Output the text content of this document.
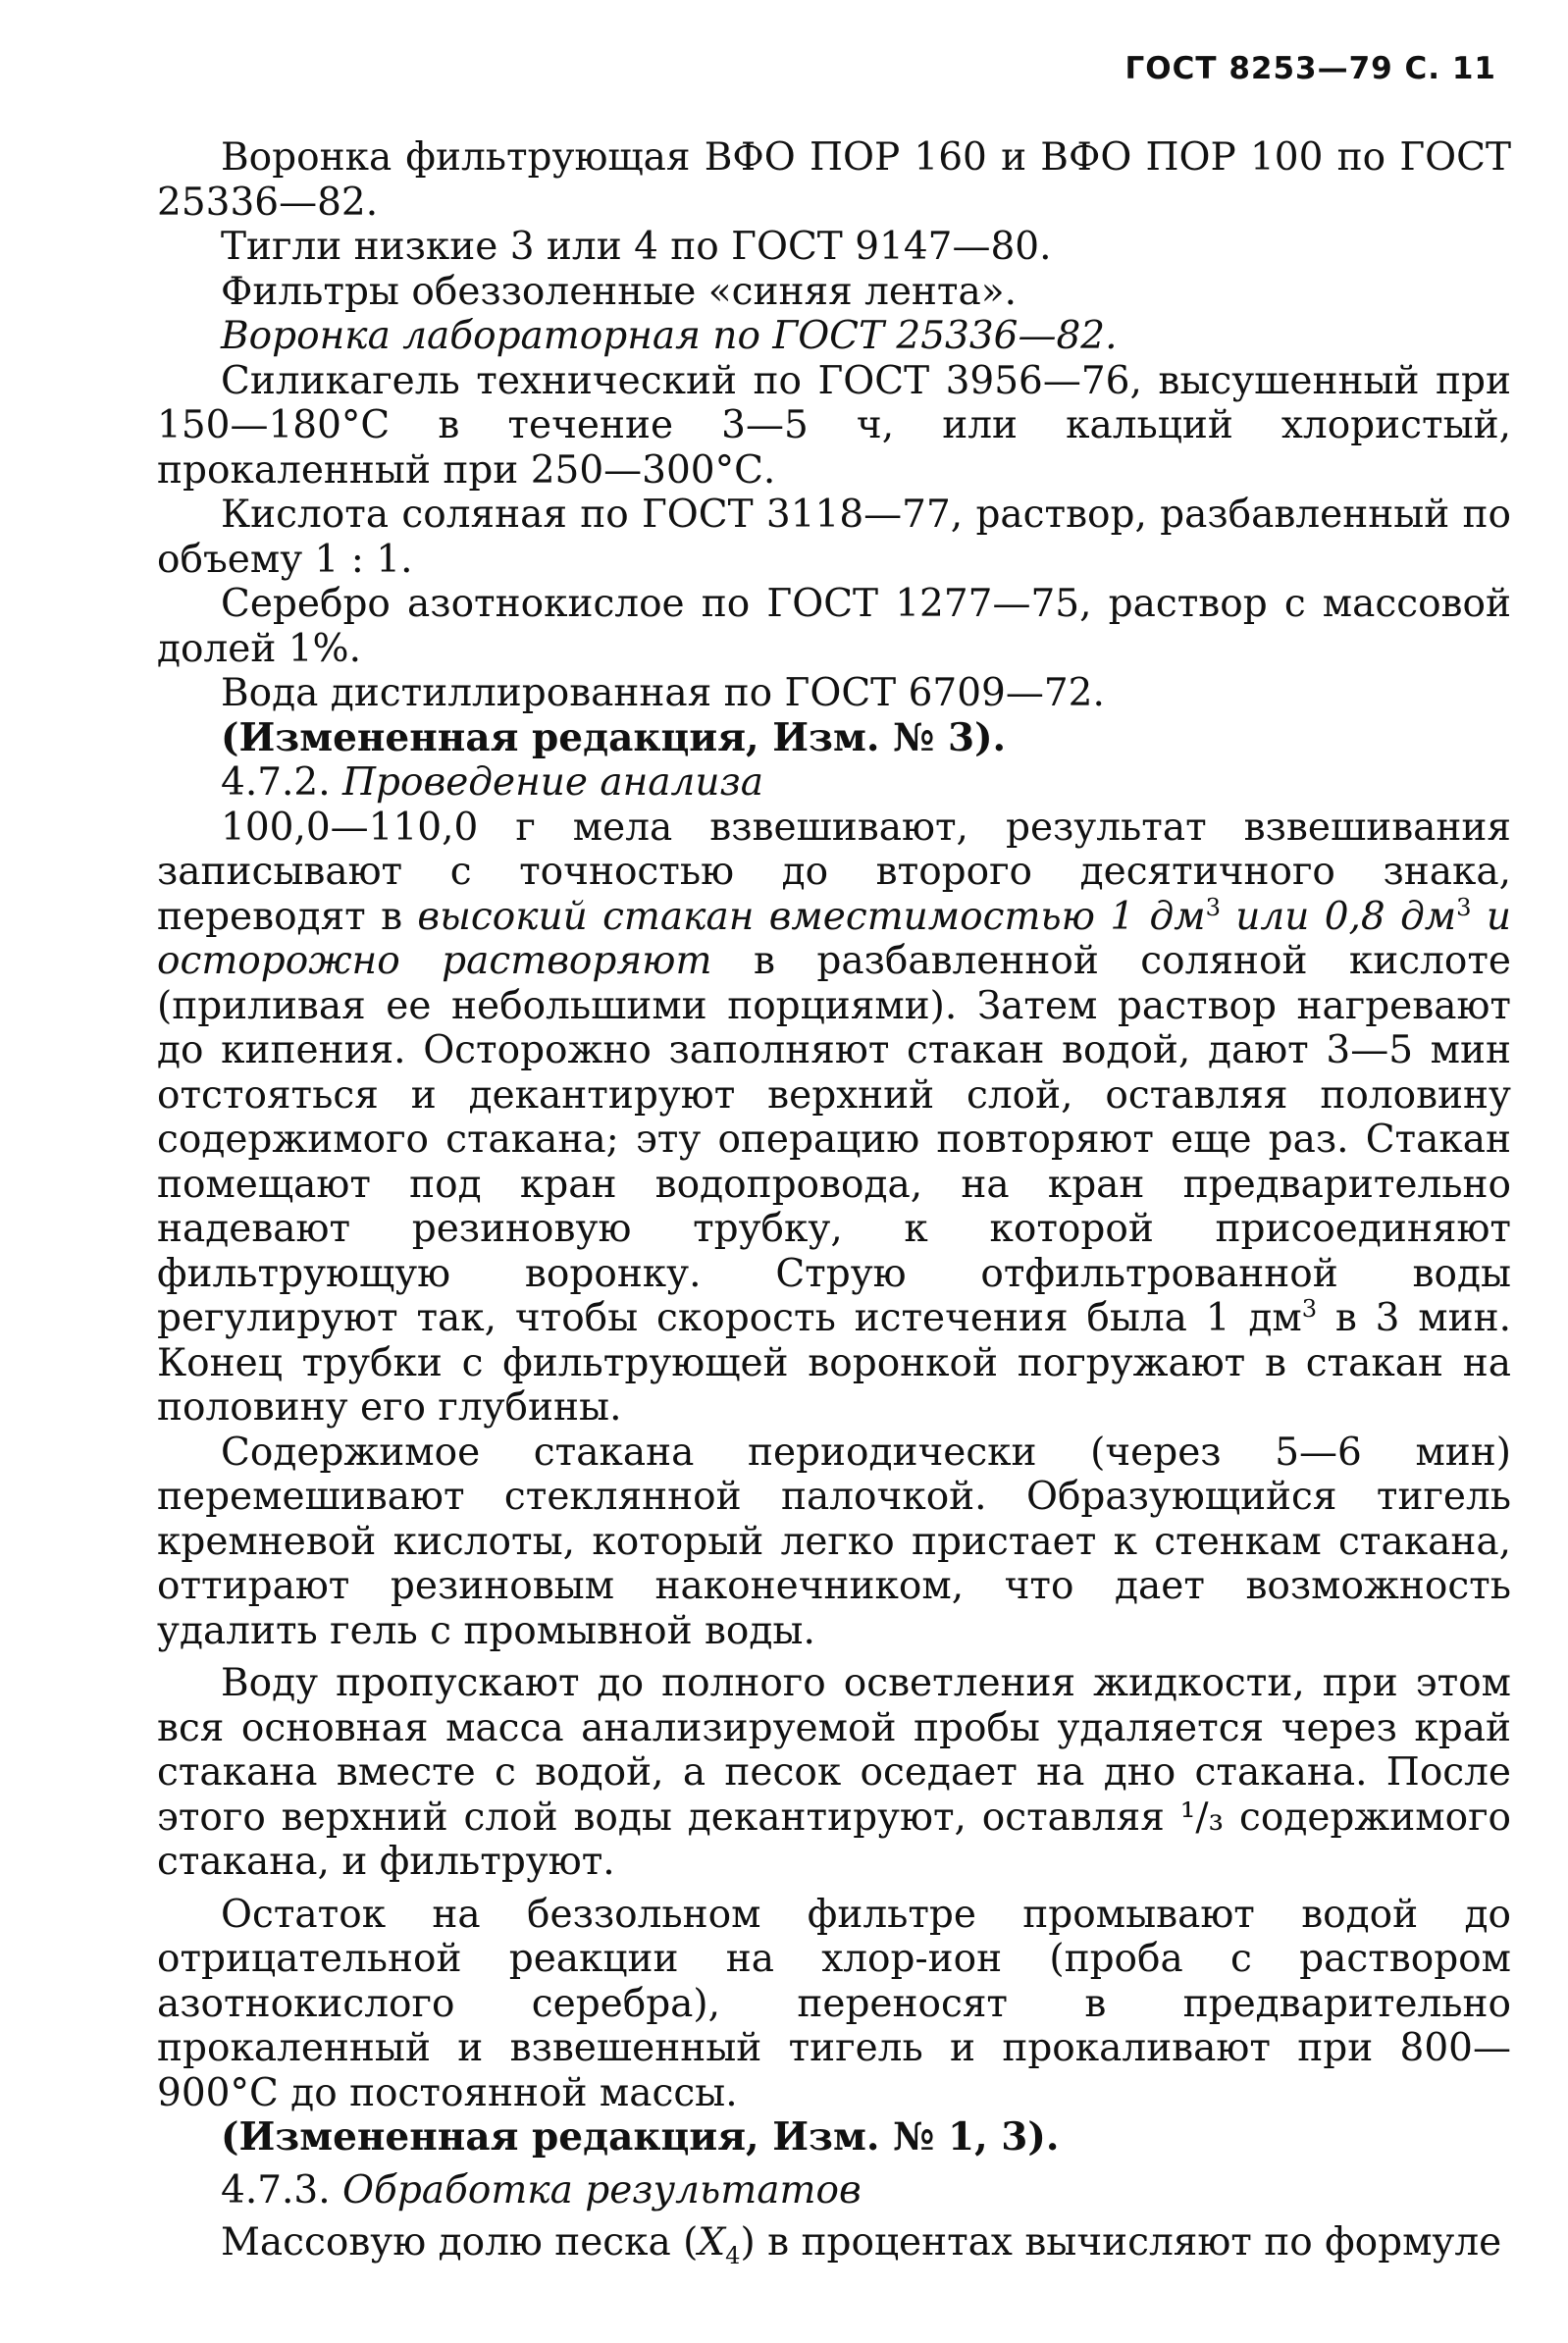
ГОСТ 8253—79 С. 11

Воронка фильтрующая ВФО ПОР 160 и ВФО ПОР 100 по ГОСТ 25336—82.

Тигли низкие 3 или 4 по ГОСТ 9147—80.

Фильтры обеззоленные «синяя лента».

Воронка лабораторная по ГОСТ 25336—82.

Силикагель технический по ГОСТ 3956—76, высушенный при 150—180°С в течение 3—5 ч, или кальций хлористый, прокаленный при 250—300°С.

Кислота соляная по ГОСТ 3118—77, раствор, разбавленный по объему 1 : 1.

Серебро азотнокислое по ГОСТ 1277—75, раствор с массовой долей 1%.

Вода дистиллированная по ГОСТ 6709—72.

(Измененная редакция, Изм. № 3).

4.7.2. Проведение анализа

100,0—110,0 г мела взвешивают, результат взвешивания записывают с точностью до второго десятичного знака, переводят в высокий стакан вместимостью 1 $дм^3$ или 0,8 $дм^3$ и осторожно растворяют в разбавленной соляной кислоте (приливая ее небольшими порциями). Затем раствор нагревают до кипения. Осторожно заполняют стакан водой, дают 3—5 мин отстояться и декантируют верхний слой, оставляя половину содержимого стакана; эту операцию повторяют еще раз. Стакан помещают под кран водопровода, на кран предварительно надевают резиновую трубку, к которой присоединяют фильтрующую воронку. Струю отфильтрованной воды регулируют так, чтобы скорость истечения была 1 $дм^3$ в 3 мин. Конец трубки с фильтрующей воронкой погружают в стакан на половину его глубины.

Содержимое стакана периодически (через 5—6 мин) перемешивают стеклянной палочкой. Образующийся тигель кремневой кислоты, который легко пристает к стенкам стакана, оттирают резиновым наконечником, что дает возможность удалить гель с промывной воды.

Воду пропускают до полного осветления жидкости, при этом вся основная масса анализируемой пробы удаляется через край стакана вместе с водой, а песок оседает на дно стакана. После этого верхний слой воды декантируют, оставляя ¹/₃ содержимого стакана, и фильтруют.

Остаток на беззольном фильтре промывают водой до отрицательной реакции на хлор-ион (проба с раствором азотнокислого серебра), переносят в предварительно прокаленный и взвешенный тигель и прокаливают при 800—900°С до постоянной массы.

(Измененная редакция, Изм. № 1, 3).

4.7.3. Обработка результатов

Массовую долю песка $(X_4)$ в процентах вычисляют по формуле
